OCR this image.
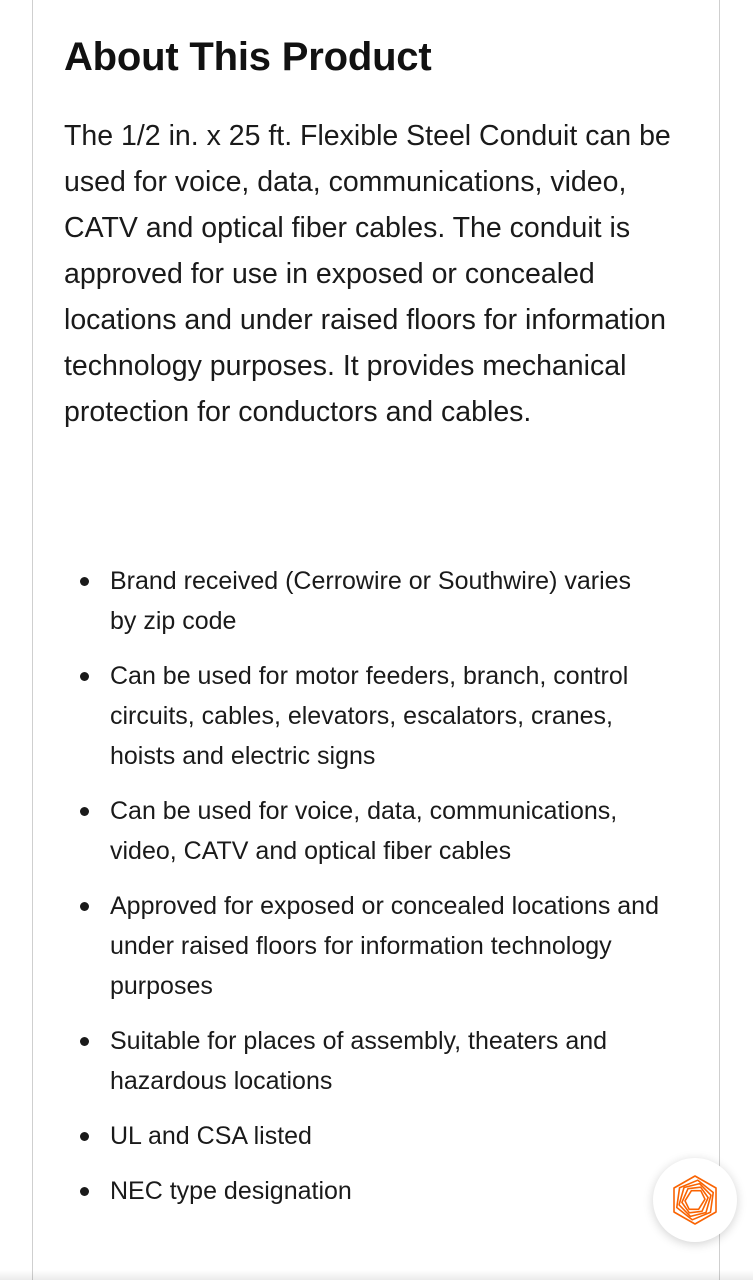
About This Product

The 1/2 in. x 25 ft. Flexible Steel Conduit can be used for voice, data, communications, video, CATV and optical fiber cables. The conduit is approved for use in exposed or concealed locations and under raised floors for information technology purposes. It provides mechanical protection for conductors and cables.

Brand received (Cerrowire or Southwire) varies by zip code
Can be used for motor feeders, branch, control circuits, cables, elevators, escalators, cranes, hoists and electric signs
Can be used for voice, data, communications, video, CATV and optical fiber cables
Approved for exposed or concealed locations and under raised floors for information technology purposes
Suitable for places of assembly, theaters and hazardous locations
UL and CSA listed
NEC type designation
